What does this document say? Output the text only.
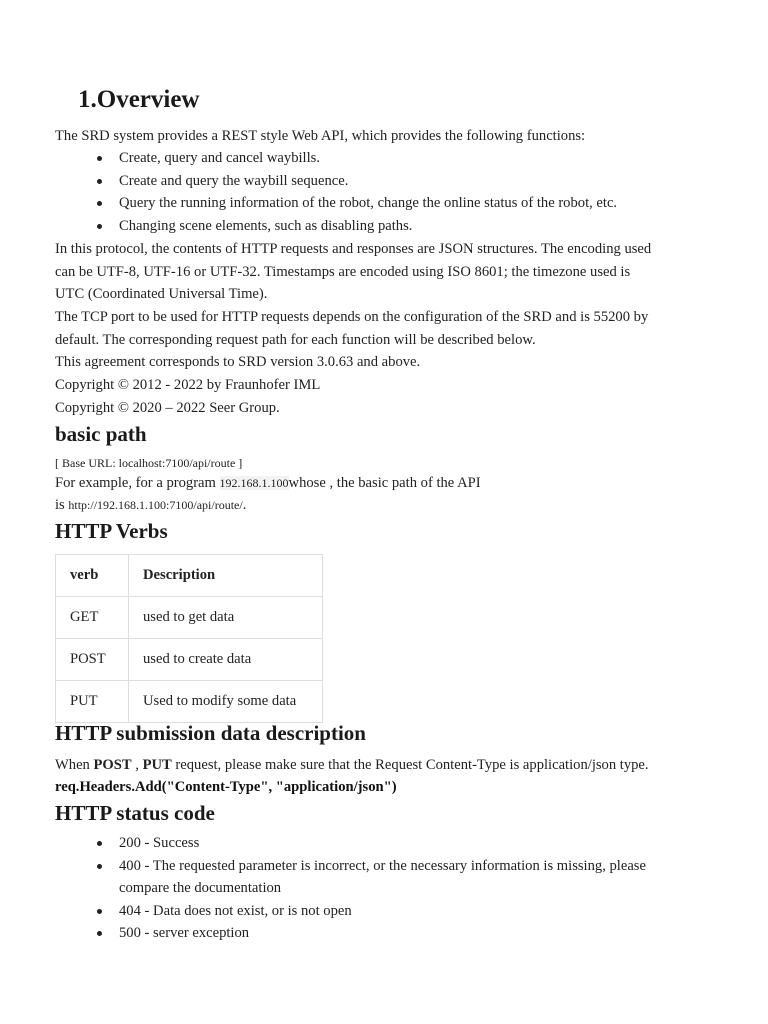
1.Overview
The SRD system provides a REST style Web API, which provides the following functions:
Create, query and cancel waybills.
Create and query the waybill sequence.
Query the running information of the robot, change the online status of the robot, etc.
Changing scene elements, such as disabling paths.
In this protocol, the contents of HTTP requests and responses are JSON structures. The encoding used
can be UTF-8, UTF-16 or UTF-32. Timestamps are encoded using ISO 8601; the timezone used is
UTC (Coordinated Universal Time).
The TCP port to be used for HTTP requests depends on the configuration of the SRD and is 55200 by
default. The corresponding request path for each function will be described below.
This agreement corresponds to SRD version 3.0.63 and above.
Copyright © 2012 - 2022 by Fraunhofer IML
Copyright © 2020 – 2022 Seer Group.
basic path
[ Base URL: localhost:7100/api/route ]
For example, for a program 192.168.1.100whose , the basic path of the API
is http://192.168.1.100:7100/api/route/.
HTTP Verbs
verb	Description
GET	used to get data
POST	used to create data
PUT	Used to modify some data
HTTP submission data description
When POST , PUT request, please make sure that the Request Content-Type is application/json type.
req.Headers.Add("Content-Type", "application/json")
HTTP status code
200 - Success
400 - The requested parameter is incorrect, or the necessary information is missing, please
compare the documentation
404 - Data does not exist, or is not open
500 - server exception
